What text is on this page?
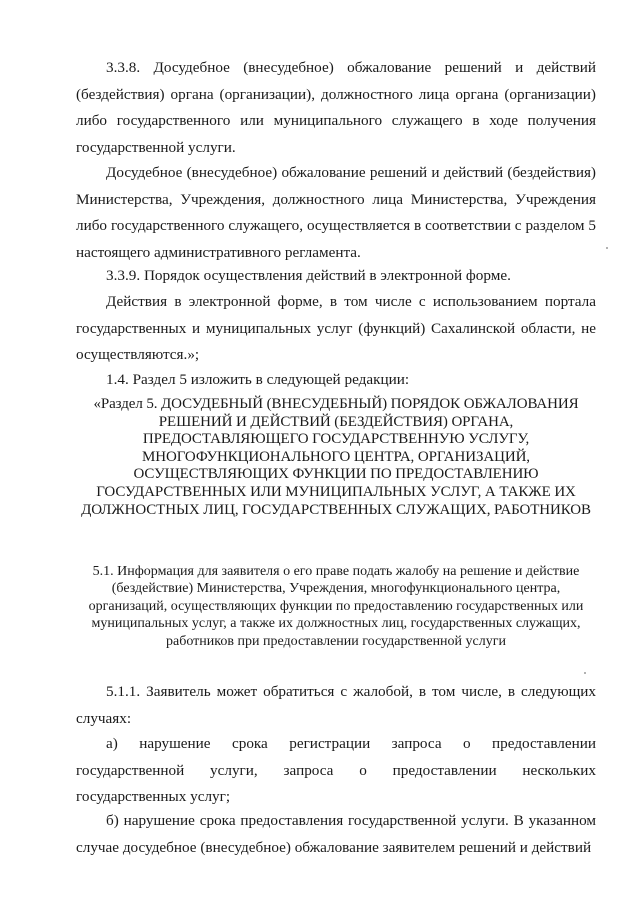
3.3.8. Досудебное (внесудебное) обжалование решений и действий (бездействия) органа (организации), должностного лица органа (организации) либо государственного или муниципального служащего в ходе получения государственной услуги.

Досудебное (внесудебное) обжалование решений и действий (бездействия) Министерства, Учреждения, должностного лица Министерства, Учреждения либо государственного служащего, осуществляется в соответствии с разделом 5 настоящего административного регламента.

3.3.9. Порядок осуществления действий в электронной форме.

Действия в электронной форме, в том числе с использованием портала государственных и муниципальных услуг (функций) Сахалинской области, не осуществляются.»;

1.4. Раздел 5 изложить в следующей редакции:

«Раздел 5. ДОСУДЕБНЫЙ (ВНЕСУДЕБНЫЙ) ПОРЯДОК ОБЖАЛОВАНИЯ РЕШЕНИЙ И ДЕЙСТВИЙ (БЕЗДЕЙСТВИЯ) ОРГАНА, ПРЕДОСТАВЛЯЮЩЕГО ГОСУДАРСТВЕННУЮ УСЛУГУ, МНОГОФУНКЦИОНАЛЬНОГО ЦЕНТРА, ОРГАНИЗАЦИЙ, ОСУЩЕСТВЛЯЮЩИХ ФУНКЦИИ ПО ПРЕДОСТАВЛЕНИЮ ГОСУДАРСТВЕННЫХ ИЛИ МУНИЦИПАЛЬНЫХ УСЛУГ, А ТАКЖЕ ИХ ДОЛЖНОСТНЫХ ЛИЦ, ГОСУДАРСТВЕННЫХ СЛУЖАЩИХ, РАБОТНИКОВ

5.1. Информация для заявителя о его праве подать жалобу на решение и действие (бездействие) Министерства, Учреждения, многофункционального центра, организаций, осуществляющих функции по предоставлению государственных или муниципальных услуг, а также их должностных лиц, государственных служащих, работников при предоставлении государственной услуги

5.1.1. Заявитель может обратиться с жалобой, в том числе, в следующих случаях:

а) нарушение срока регистрации запроса о предоставлении государственной услуги, запроса о предоставлении нескольких государственных услуг;

б) нарушение срока предоставления государственной услуги. В указанном случае досудебное (внесудебное) обжалование заявителем решений и действий
